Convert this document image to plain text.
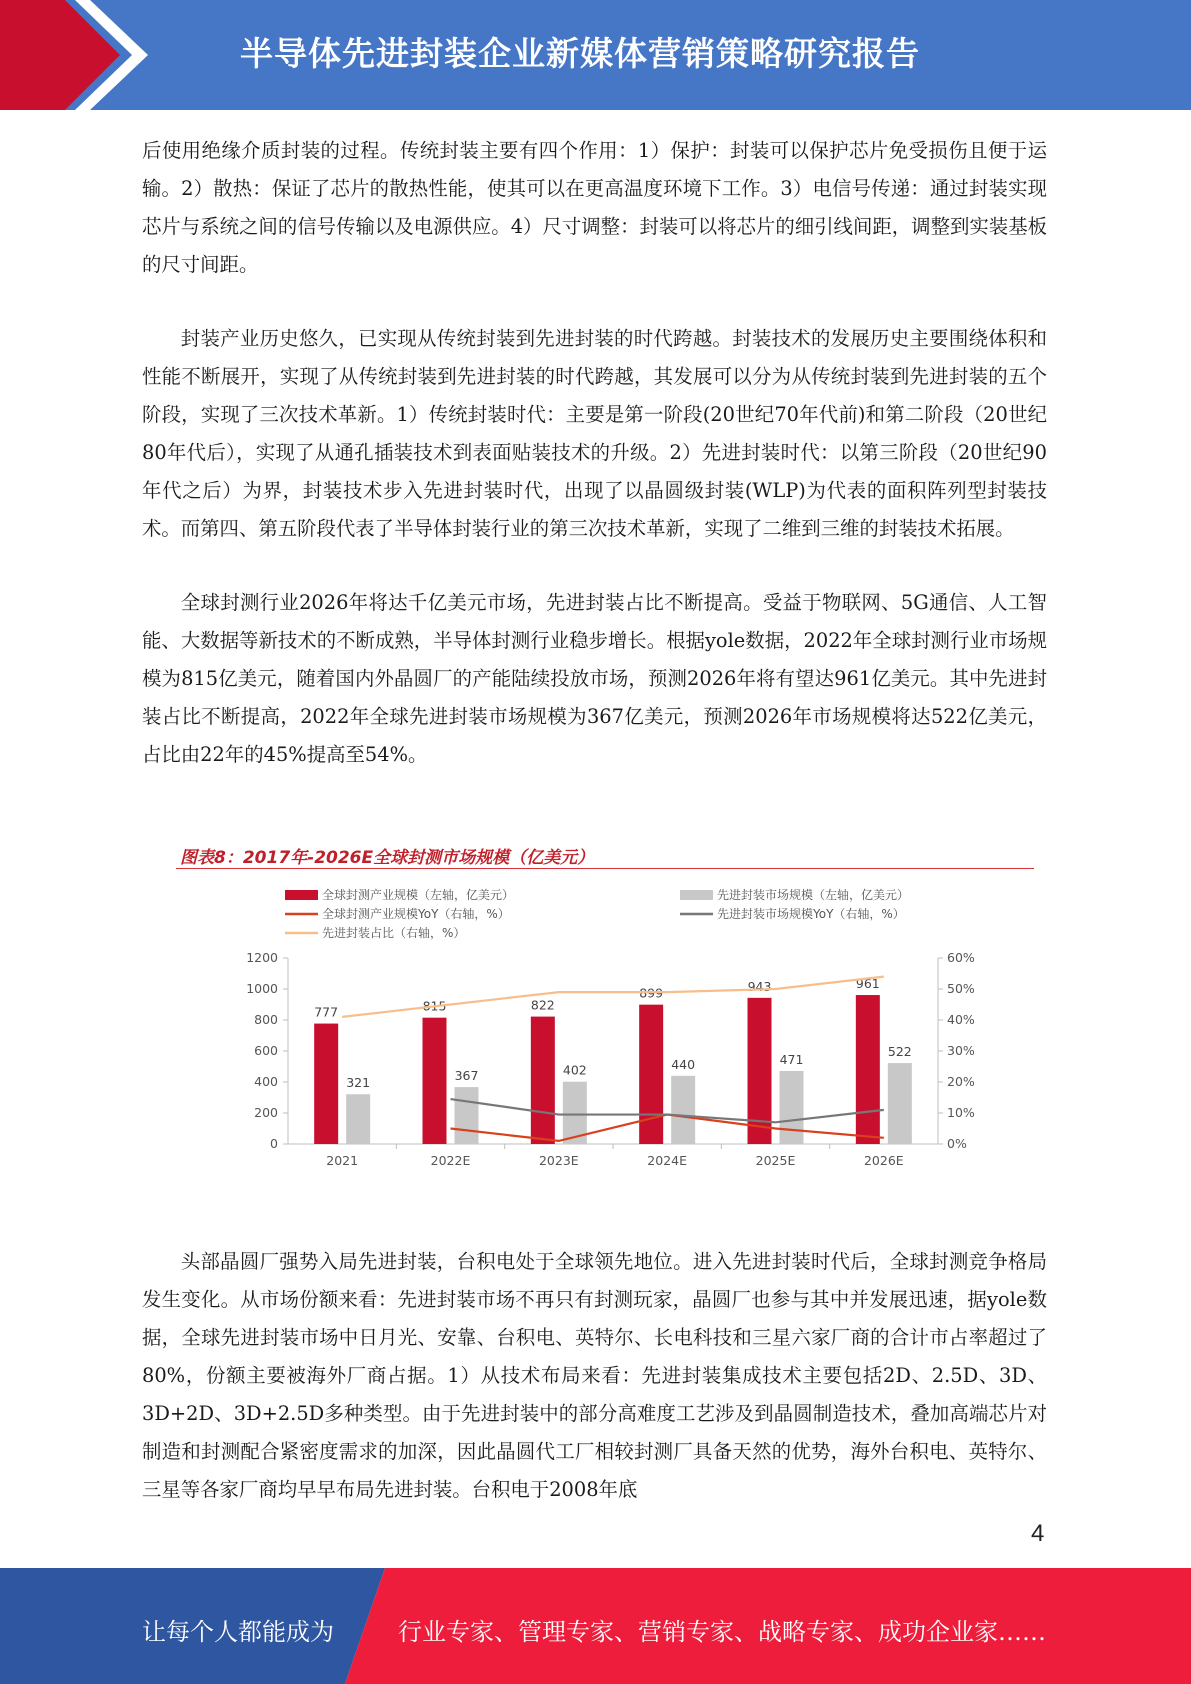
半导体先进封装企业新媒体营销策略研究报告

后使用绝缘介质封装的过程。传统封装主要有四个作用：1）保护：封装可以保护芯片免受损伤且便于运输。2）散热：保证了芯片的散热性能，使其可以在更高温度环境下工作。3）电信号传递：通过封装实现芯片与系统之间的信号传输以及电源供应。4）尺寸调整：封装可以将芯片的细引线间距，调整到实装基板的尺寸间距。

封装产业历史悠久，已实现从传统封装到先进封装的时代跨越。封装技术的发展历史主要围绕体积和性能不断展开，实现了从传统封装到先进封装的时代跨越，其发展可以分为从传统封装到先进封装的五个阶段，实现了三次技术革新。1）传统封装时代：主要是第一阶段(20世纪70年代前)和第二阶段（20世纪80年代后），实现了从通孔插装技术到表面贴装技术的升级。2）先进封装时代：以第三阶段（20世纪90年代之后）为界，封装技术步入先进封装时代，出现了以晶圆级封装(WLP)为代表的面积阵列型封装技术。而第四、第五阶段代表了半导体封装行业的第三次技术革新，实现了二维到三维的封装技术拓展。

全球封测行业2026年将达千亿美元市场，先进封装占比不断提高。受益于物联网、5G通信、人工智能、大数据等新技术的不断成熟，半导体封测行业稳步增长。根据yole数据，2022年全球封测行业市场规模为815亿美元，随着国内外晶圆厂的产能陆续投放市场，预测2026年将有望达961亿美元。其中先进封装占比不断提高，2022年全球先进封装市场规模为367亿美元，预测2026年市场规模将达522亿美元，占比由22年的45%提高至54%。

图表8：2017年-2026E全球封测市场规模（亿美元）
全球封测产业规模（左轴，亿美元）	先进封装市场规模（左轴，亿美元）
全球封测产业规模YoY（右轴，%）	先进封装市场规模YoY（右轴，%）
先进封装占比（右轴，%）
0
200
400
600
800
1000
1200
0%
10%
20%
30%
40%
50%
60%
2021
777
321
2022E
815
367
2023E
822
402
2024E
899
440
2025E
943
471
2026E
961
522

头部晶圆厂强势入局先进封装，台积电处于全球领先地位。进入先进封装时代后，全球封测竞争格局发生变化。从市场份额来看：先进封装市场不再只有封测玩家，晶圆厂也参与其中并发展迅速，据yole数据，全球先进封装市场中日月光、安靠、台积电、英特尔、长电科技和三星六家厂商的合计市占率超过了80%，份额主要被海外厂商占据。1）从技术布局来看：先进封装集成技术主要包括2D、2.5D、3D、3D+2D、3D+2.5D多种类型。由于先进封装中的部分高难度工艺涉及到晶圆制造技术，叠加高端芯片对制造和封测配合紧密度需求的加深，因此晶圆代工厂相较封测厂具备天然的优势，海外台积电、英特尔、三星等各家厂商均早早布局先进封装。台积电于2008年底

4
让每个人都能成为	行业专家、管理专家、营销专家、战略专家、成功企业家……
